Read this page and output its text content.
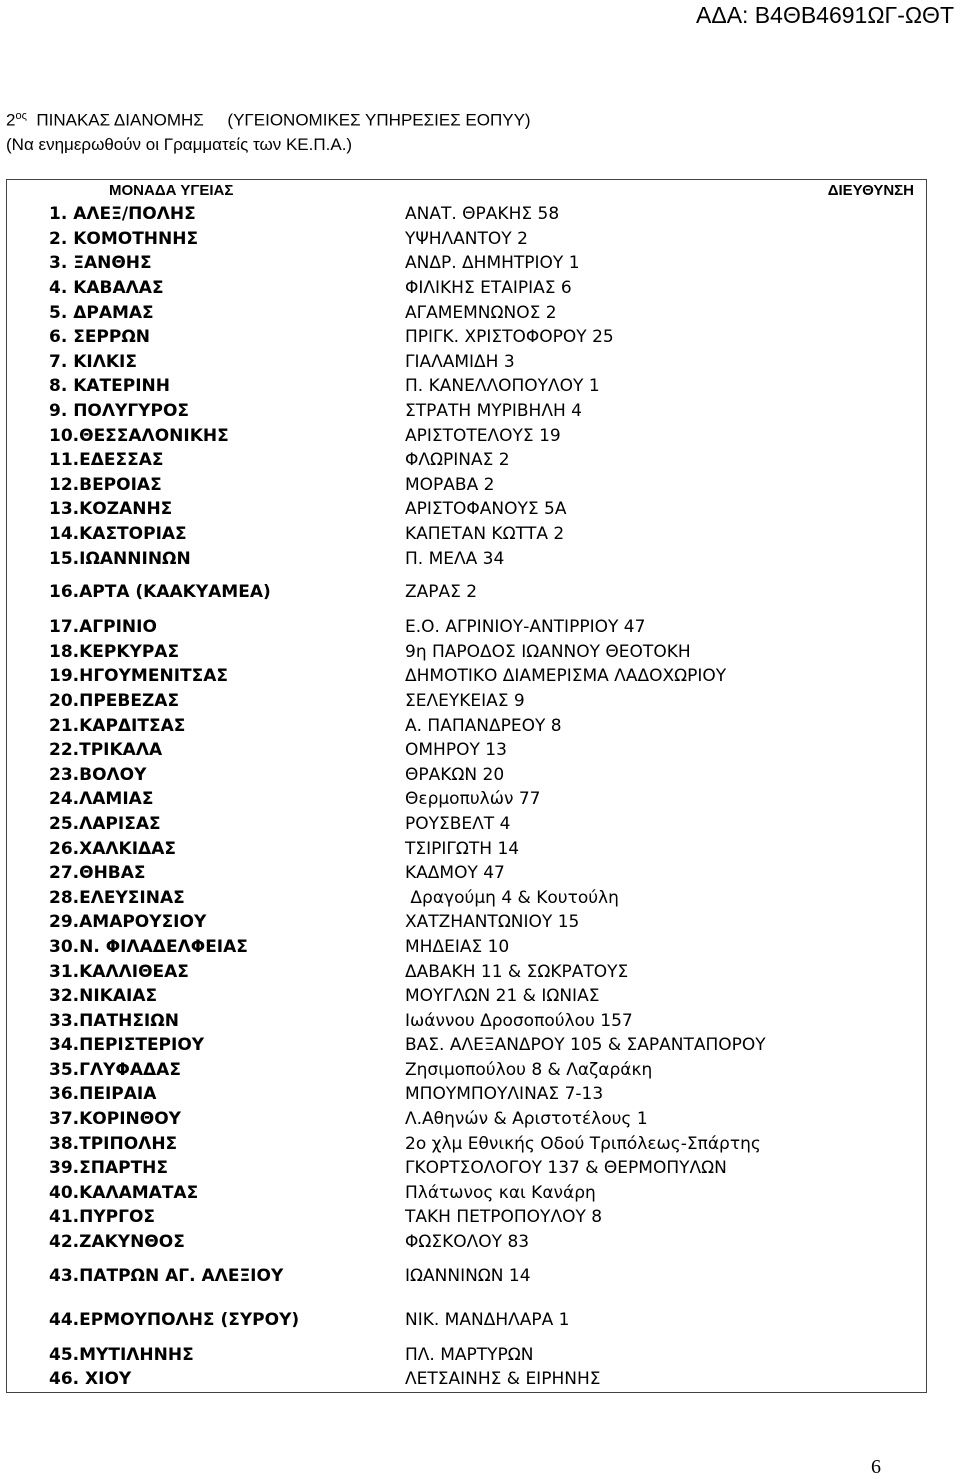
ΑΔΑ: Β4ΘΒ4691ΩΓ-ΩΘΤ
$2^{o\varsigma}$ ΠΙΝΑΚΑΣ ΔΙΑΝΟΜΗΣ     (ΥΓΕΙΟΝΟΜΙΚΕΣ ΥΠΗΡΕΣΙΕΣ ΕΟΠΥΥ)
(Να ενημερωθούν οι Γραμματείς των ΚΕ.Π.Α.)
ΜΟΝΑΔΑ ΥΓΕΙΑΣ	ΔΙΕΥΘΥΝΣΗ
1. ΑΛΕΞ/ΠΟΛΗΣ	ΑΝΑΤ. ΘΡΑΚΗΣ 58
2. ΚΟΜΟΤΗΝΗΣ	ΥΨΗΛΑΝΤΟΥ 2
3. ΞΑΝΘΗΣ	ΑΝΔΡ. ΔΗΜΗΤΡΙΟΥ 1
4. ΚΑΒΑΛΑΣ	ΦΙΛΙΚΗΣ ΕΤΑΙΡΙΑΣ 6
5. ΔΡΑΜΑΣ	ΑΓΑΜΕΜΝΩΝΟΣ 2
6. ΣΕΡΡΩΝ	ΠΡΙΓΚ. ΧΡΙΣΤΟΦΟΡΟΥ 25
7. ΚΙΛΚΙΣ	ΓΙΑΛΑΜΙΔΗ 3
8. ΚΑΤΕΡΙΝΗ	Π. ΚΑΝΕΛΛΟΠΟΥΛΟΥ 1
9. ΠΟΛΥΓΥΡΟΣ	ΣΤΡΑΤΗ ΜΥΡΙΒΗΛΗ 4
10.ΘΕΣΣΑΛΟΝΙΚΗΣ	ΑΡΙΣΤΟΤΕΛΟΥΣ 19
11.ΕΔΕΣΣΑΣ	ΦΛΩΡΙΝΑΣ 2
12.ΒΕΡΟΙΑΣ	ΜΟΡΑΒΑ 2
13.ΚΟΖΑΝΗΣ	ΑΡΙΣΤΟΦΑΝΟΥΣ 5Α
14.ΚΑΣΤΟΡΙΑΣ	ΚΑΠΕΤΑΝ ΚΩΤΤΑ 2
15.ΙΩΑΝΝΙΝΩΝ	Π. ΜΕΛΑ 34
16.ΑΡΤΑ (ΚΑΑΚΥΑΜΕΑ)	ΖΑΡΑΣ 2
17.ΑΓΡΙΝΙΟ	Ε.Ο. ΑΓΡΙΝΙΟΥ-ΑΝΤΙΡΡΙΟΥ 47
18.ΚΕΡΚΥΡΑΣ	9η ΠΑΡΟΔΟΣ ΙΩΑΝΝΟΥ ΘΕΟΤΟΚΗ
19.ΗΓΟΥΜΕΝΙΤΣΑΣ	ΔΗΜΟΤΙΚΟ ΔΙΑΜΕΡΙΣΜΑ ΛΑΔΟΧΩΡΙΟΥ
20.ΠΡΕΒΕΖΑΣ	ΣΕΛΕΥΚΕΙΑΣ 9
21.ΚΑΡΔΙΤΣΑΣ	Α. ΠΑΠΑΝΔΡΕΟΥ 8
22.ΤΡΙΚΑΛΑ	ΟΜΗΡΟΥ 13
23.ΒΟΛΟΥ	ΘΡΑΚΩΝ 20
24.ΛΑΜΙΑΣ	Θερμοπυλών 77
25.ΛΑΡΙΣΑΣ	ΡΟΥΣΒΕΛΤ 4
26.ΧΑΛΚΙΔΑΣ	ΤΣΙΡΙΓΩΤΗ 14
27.ΘΗΒΑΣ	ΚΑΔΜΟΥ 47
28.ΕΛΕΥΣΙΝΑΣ	Δραγούμη 4 & Κουτούλη
29.ΑΜΑΡΟΥΣΙΟΥ	ΧΑΤΖΗΑΝΤΩΝΙΟΥ 15
30.Ν. ΦΙΛΑΔΕΛΦΕΙΑΣ	ΜΗΔΕΙΑΣ 10
31.ΚΑΛΛΙΘΕΑΣ	ΔΑΒΑΚΗ 11 & ΣΩΚΡΑΤΟΥΣ
32.ΝΙΚΑΙΑΣ	ΜΟΥΓΛΩΝ 21 & ΙΩΝΙΑΣ
33.ΠΑΤΗΣΙΩΝ	Ιωάννου Δροσοπούλου 157
34.ΠΕΡΙΣΤΕΡΙΟΥ	ΒΑΣ. ΑΛΕΞΑΝΔΡΟΥ 105 & ΣΑΡΑΝΤΑΠΟΡΟΥ
35.ΓΛΥΦΑΔΑΣ	Ζησιμοπούλου 8 & Λαζαράκη
36.ΠΕΙΡΑΙΑ	ΜΠΟΥΜΠΟΥΛΙΝΑΣ 7-13
37.ΚΟΡΙΝΘΟΥ	Λ.Αθηνών & Αριστοτέλους 1
38.ΤΡΙΠΟΛΗΣ	2ο χλμ Εθνικής Οδού Τριπόλεως-Σπάρτης
39.ΣΠΑΡΤΗΣ	ΓΚΟΡΤΣΟΛΟΓΟΥ 137 & ΘΕΡΜΟΠΥΛΩΝ
40.ΚΑΛΑΜΑΤΑΣ	Πλάτωνος και Κανάρη
41.ΠΥΡΓΟΣ	ΤΑΚΗ ΠΕΤΡΟΠΟΥΛΟΥ 8
42.ΖΑΚΥΝΘΟΣ	ΦΩΣΚΟΛΟΥ 83
43.ΠΑΤΡΩΝ ΑΓ. ΑΛΕΞΙΟΥ	ΙΩΑΝΝΙΝΩΝ 14
44.ΕΡΜΟΥΠΟΛΗΣ (ΣΥΡΟΥ)	ΝΙΚ. ΜΑΝΔΗΛΑΡΑ 1
45.ΜΥΤΙΛΗΝΗΣ	ΠΛ. ΜΑΡΤΥΡΩΝ
46. ΧΙΟΥ	ΛΕΤΣΑΙΝΗΣ & ΕΙΡΗΝΗΣ
6
